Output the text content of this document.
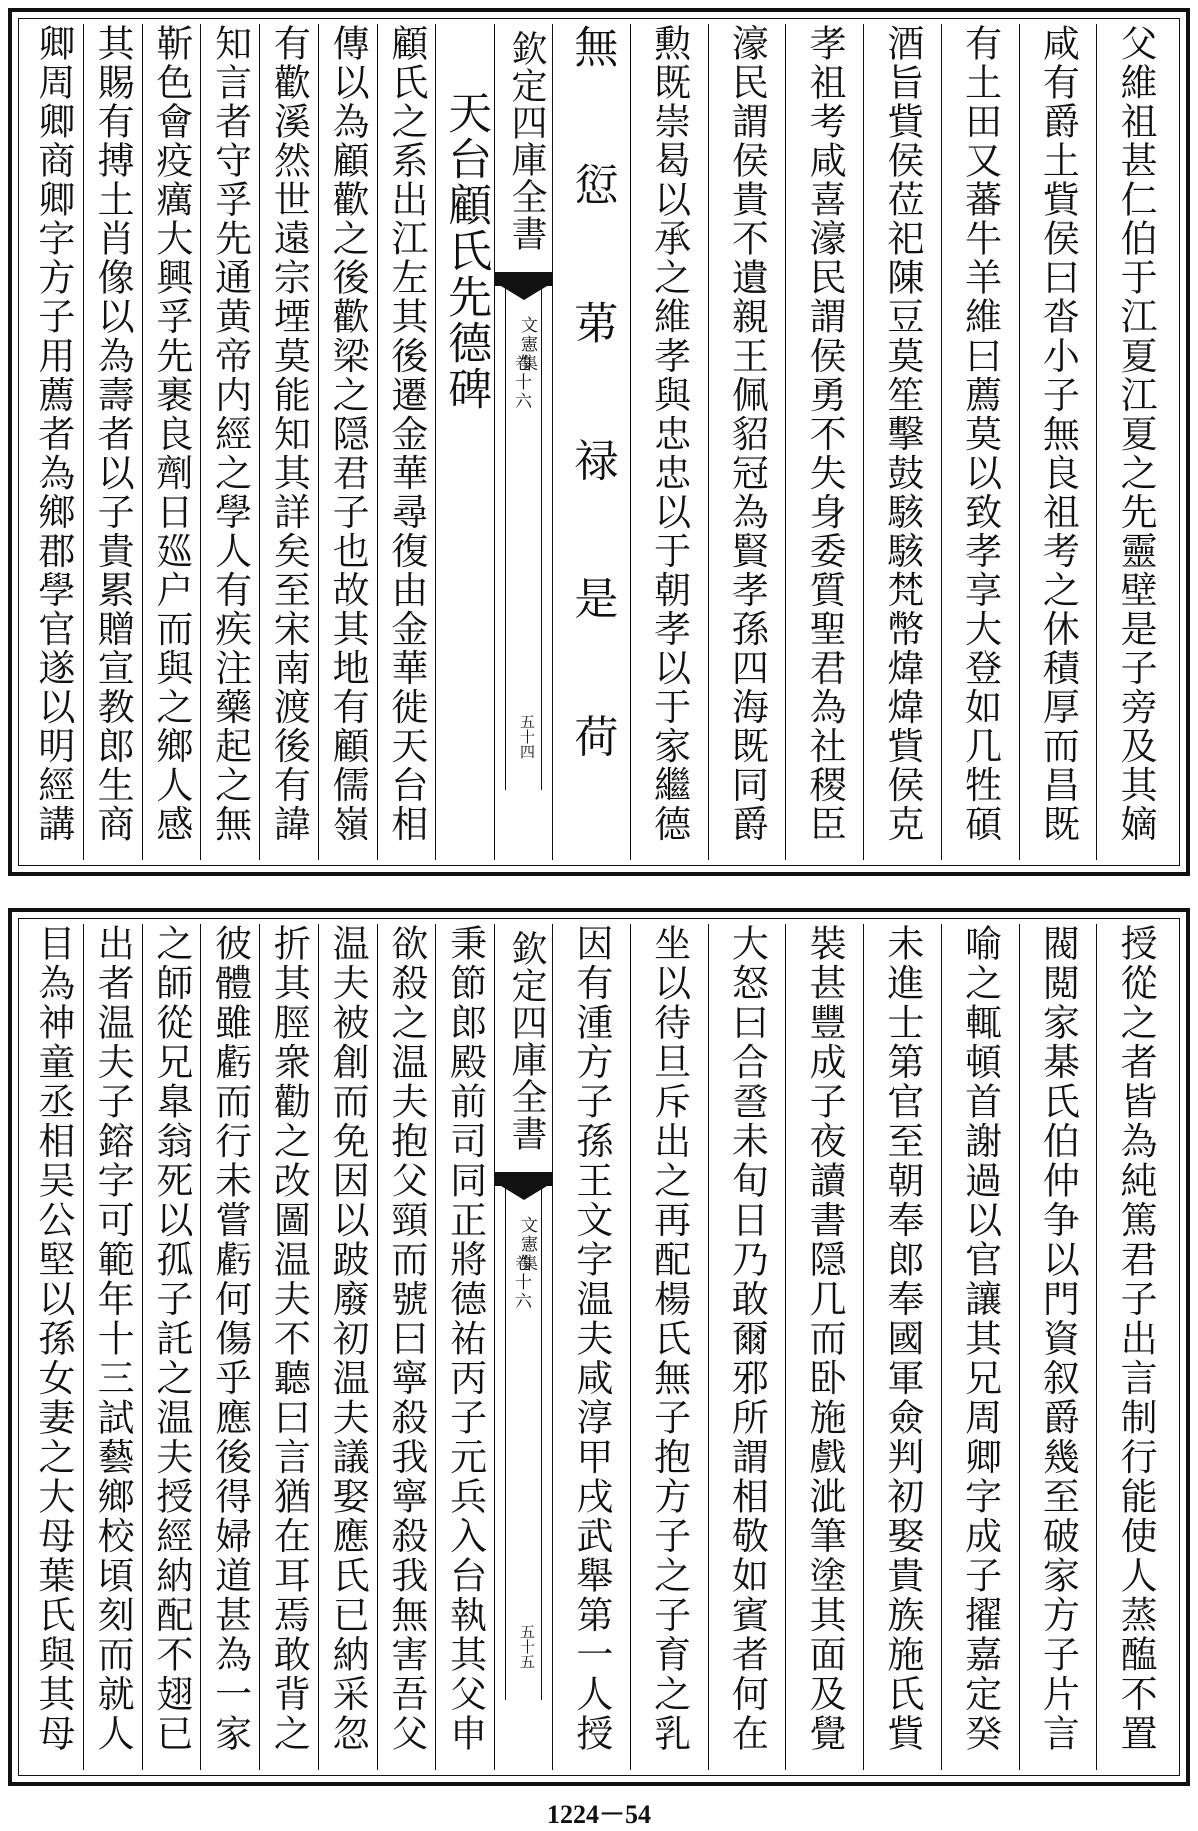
欽定四庫全書
文憲集
卷十六
五十四
天台顧氏先德碑
顧氏之系出江左其後遷金華尋復由金華徙天台相
傳以為顧歡之後歡梁之隠君子也故其地有顧儒嶺
有歡溪然世遠宗堙莫能知其詳矣至宋南渡後有諱
知言者守孚先通黄帝内經之學人有疾注藥起之無
靳色會疫癘大興孚先裹良劑日廵户而與之鄉人感
其賜有搏土肖像以為壽者以子貴累贈宣教郎生商
卿周卿商卿字方子用薦者為鄉郡學官遂以明經講	父維祖甚仁伯于江夏江夏之先靈壁是子旁及其嫡
咸有爵土貲侯曰沓小子無良祖考之休積厚而昌既
有土田又蕃牛羊維曰薦莫以致孝享大登如几牲碩
酒旨貲侯莅祀陳豆莫笙擊鼓駭駭梵幣煒煒貲侯克
孝祖考咸喜濠民謂侯勇不失身委質聖君為社稷臣
濠民謂侯貴不遺親王佩貂冠為賢孝孫四海既同爵
勲既崇曷以承之維孝與忠忠以于朝孝以于家繼德
無愆苐禄是荷
欽定四庫全書
文憲集
卷十六
五十五
秉節郎殿前司同正將德祐丙子元兵入台執其父申
欲殺之温夫抱父頸而號曰寧殺我寧殺我無害吾父
温夫被創而免因以跛廢初温夫議娶應氏已納采忽
折其脛衆勸之改圖温夫不聽曰言猶在耳焉敢背之
彼體雖虧而行未嘗虧何傷乎應後得婦道甚為一家
之師從兄臯翁死以孤子託之温夫授經納配不翅已
出者温夫子鎔字可範年十三試藝鄉校頃刻而就人
目為神童丞相吴公堅以孫女妻之大母葉氏與其母	授從之者皆為純篤君子出言制行能使人蒸醢不置
閥閲家棊氏伯仲争以門資叙爵幾至破家方子片言
喻之輒頓首謝過以官讓其兄周卿字成子擢嘉定癸
未進士第官至朝奉郎奉國軍僉判初娶貴族施氏貲
裝甚豐成子夜讀書隠几而卧施戲泚筆塗其面及覺
大怒曰合巹未旬日乃敢爾邪所謂相敬如賓者何在
坐以待旦斥出之再配楊氏無子抱方子之子育之乳
因有湩方子孫王文字温夫咸淳甲戌武舉第一人授
1224－54
